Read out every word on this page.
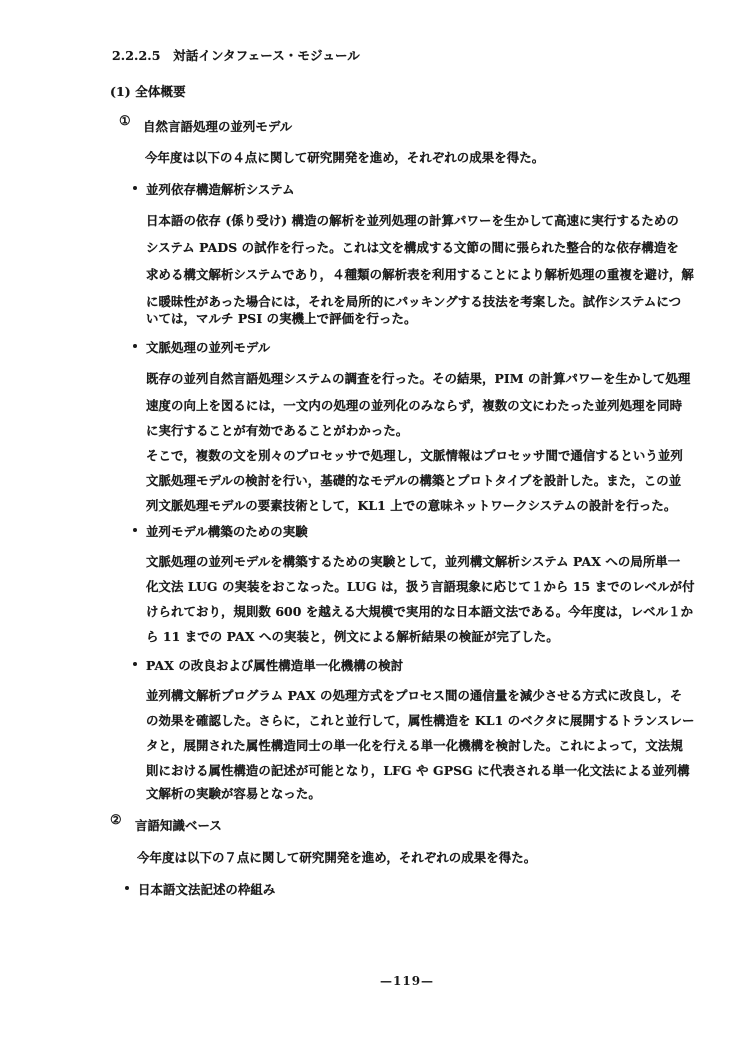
2.2.2.5　対話インタフェース・モジュール
(1) 全体概要
① 自然言語処理の並列モデル
今年度は以下の４点に関して研究開発を進め，それぞれの成果を得た。
並列依存構造解析システム
日本語の依存 (係り受け) 構造の解析を並列処理の計算パワーを生かして高速に実行するための
システム PADS の試作を行った。これは文を構成する文節の間に張られた整合的な依存構造を
求める構文解析システムであり，４種類の解析表を利用することにより解析処理の重複を避け，解
に暖昧性があった場合には，それを局所的にパッキングする技法を考案した。試作システムにつ
いては，マルチ PSI の実機上で評価を行った。
文脈処理の並列モデル
既存の並列自然言語処理システムの調査を行った。その結果，PIM の計算パワーを生かして処理
速度の向上を図るには，一文内の処理の並列化のみならず，複数の文にわたった並列処理を同時
に実行することが有効であることがわかった。
そこで，複数の文を別々のプロセッサで処理し，文脈情報はプロセッサ間で通信するという並列
文脈処理モデルの検討を行い，基礎的なモデルの構築とプロトタイプを設計した。また，この並
列文脈処理モデルの要素技術として，KL1 上での意味ネットワークシステムの設計を行った。
並列モデル構築のための実験
文脈処理の並列モデルを構築するための実験として，並列構文解析システム PAX への局所単一
化文法 LUG の実装をおこなった。LUG は，扱う言語現象に応じて１から 15 までのレベルが付
けられており，規則数 600 を越える大規模で実用的な日本語文法である。今年度は，レベル１か
ら 11 までの PAX への実装と，例文による解析結果の検証が完了した。
PAX の改良および属性構造単一化機構の検討
並列構文解析プログラム PAX の処理方式をプロセス間の通信量を減少させる方式に改良し，そ
の効果を確認した。さらに，これと並行して，属性構造を KL1 のベクタに展開するトランスレー
タと，展開された属性構造同士の単一化を行える単一化機構を検討した。これによって，文法規
則における属性構造の記述が可能となり，LFG や GPSG に代表される単一化文法による並列構
文解析の実験が容易となった。
② 言語知識ベース
今年度は以下の７点に関して研究開発を進め，それぞれの成果を得た。
日本語文法記述の枠組み
—119—
